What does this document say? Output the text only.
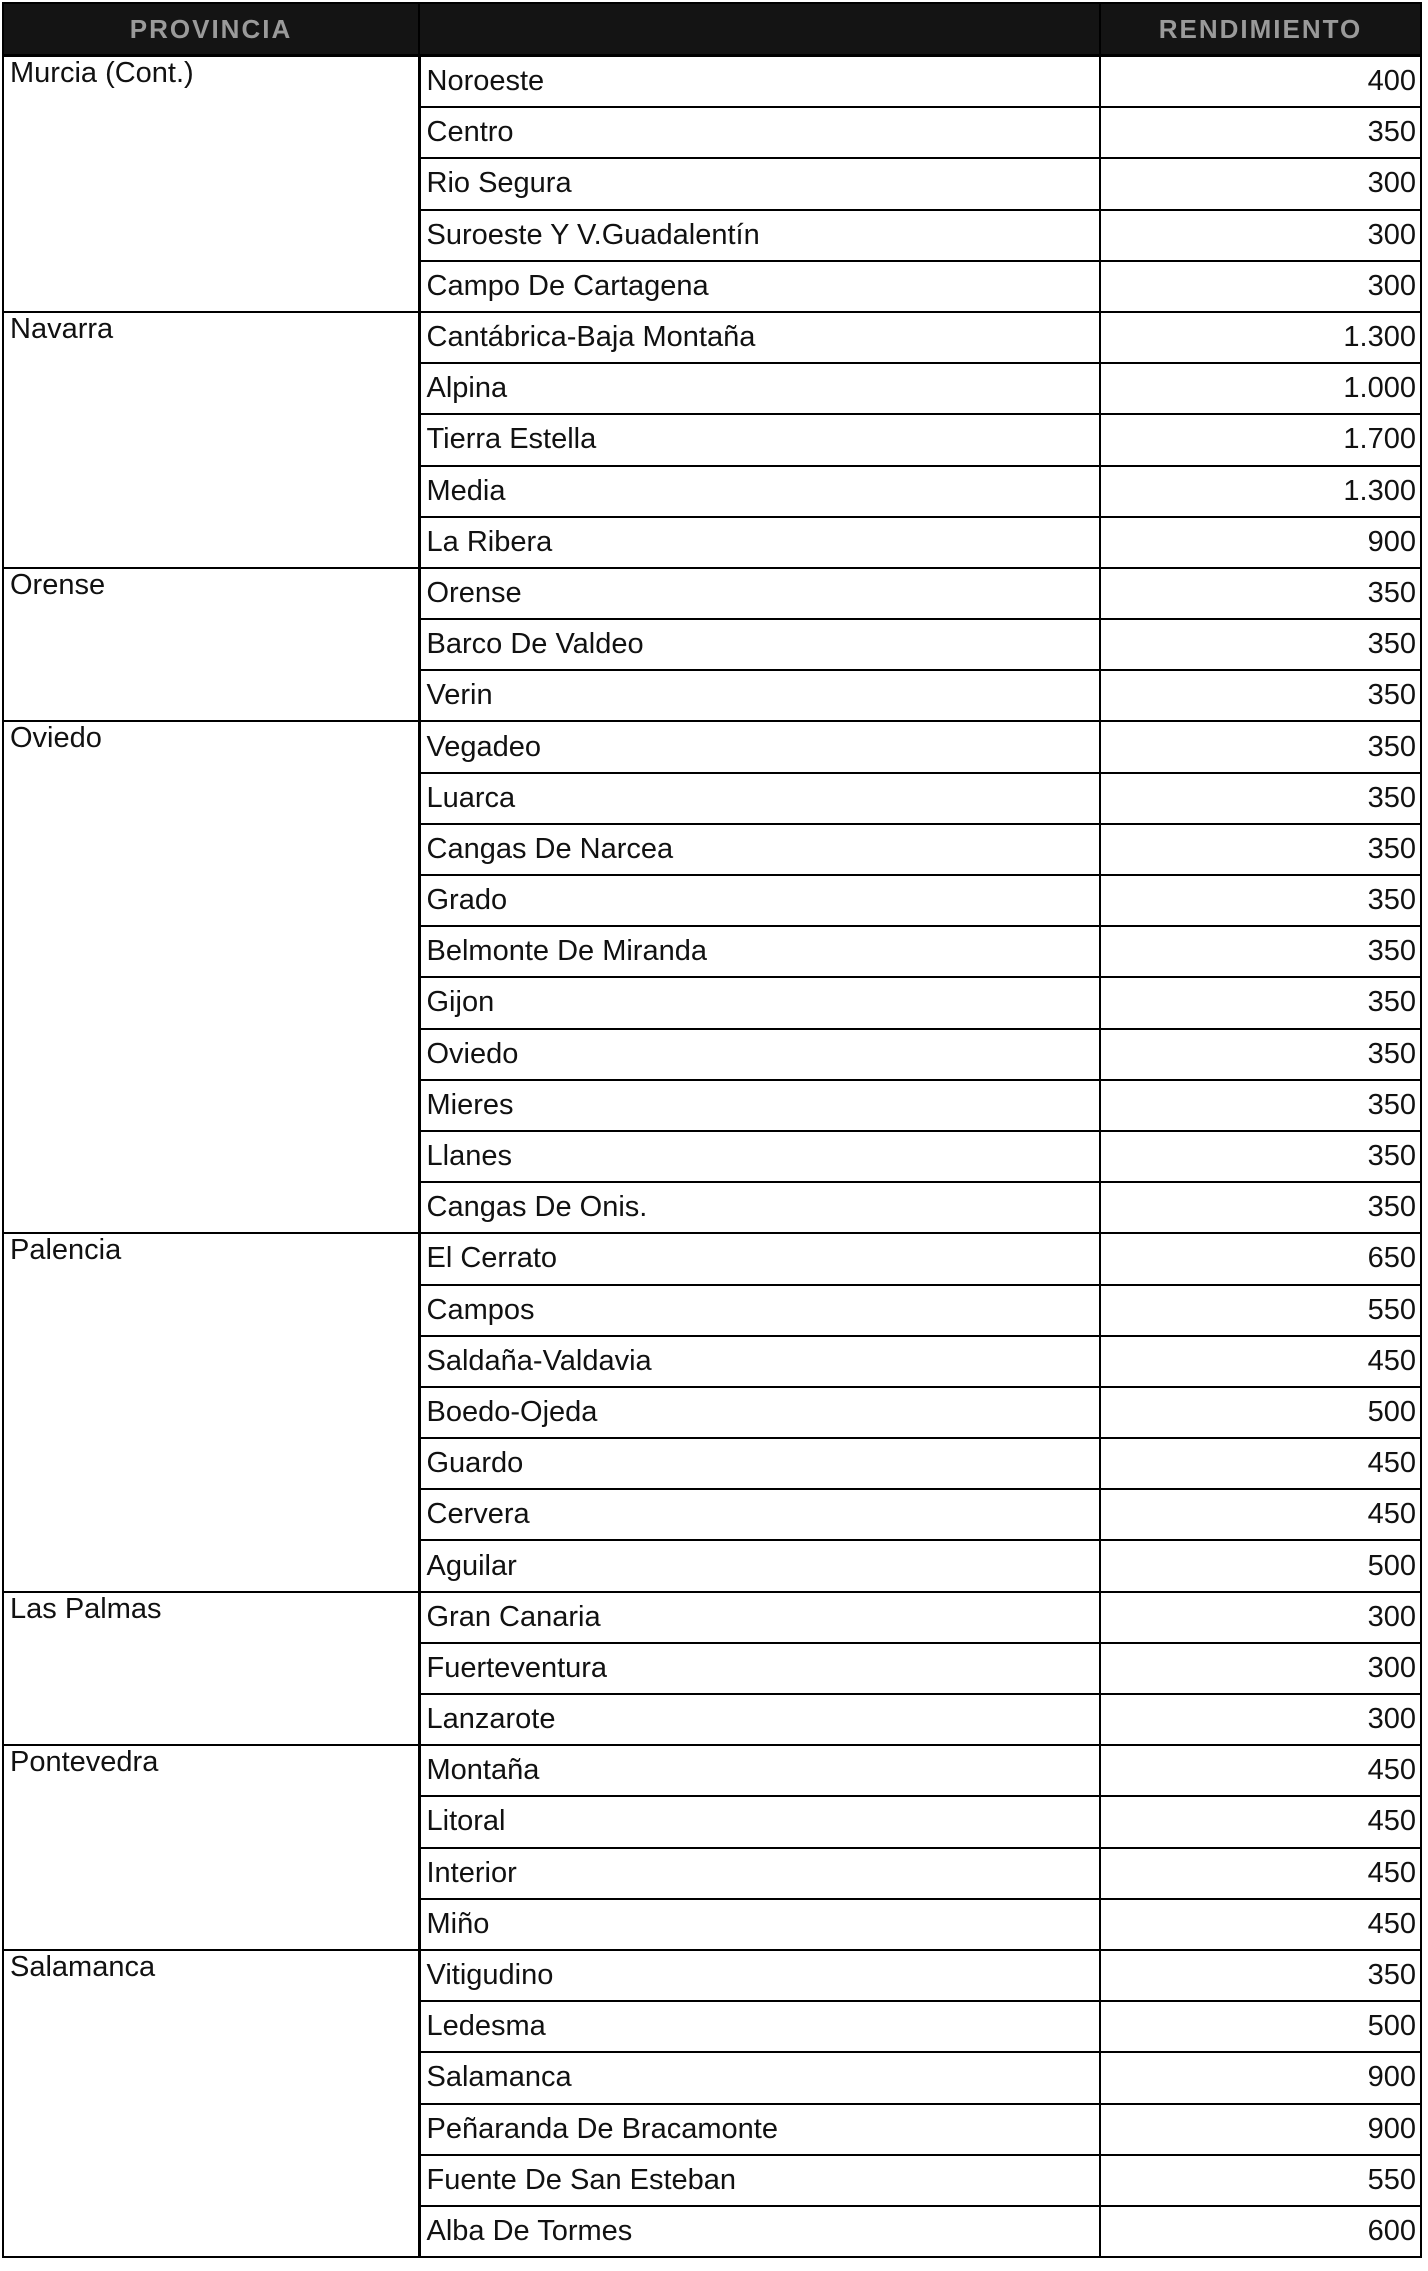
PROVINCIA		RENDIMIENTO
Murcia (Cont.)	Noroeste	400
	Centro	350
	Rio Segura	300
	Suroeste Y V.Guadalentín	300
	Campo De Cartagena	300
Navarra	Cantábrica-Baja Montaña	1.300
	Alpina	1.000
	Tierra Estella	1.700
	Media	1.300
	La Ribera	900
Orense	Orense	350
	Barco De Valdeo	350
	Verin	350
Oviedo	Vegadeo	350
	Luarca	350
	Cangas De Narcea	350
	Grado	350
	Belmonte De Miranda	350
	Gijon	350
	Oviedo	350
	Mieres	350
	Llanes	350
	Cangas De Onis.	350
Palencia	El Cerrato	650
	Campos	550
	Saldaña-Valdavia	450
	Boedo-Ojeda	500
	Guardo	450
	Cervera	450
	Aguilar	500
Las Palmas	Gran Canaria	300
	Fuerteventura	300
	Lanzarote	300
Pontevedra	Montaña	450
	Litoral	450
	Interior	450
	Miño	450
Salamanca	Vitigudino	350
	Ledesma	500
	Salamanca	900
	Peñaranda De Bracamonte	900
	Fuente De San Esteban	550
	Alba De Tormes	600
